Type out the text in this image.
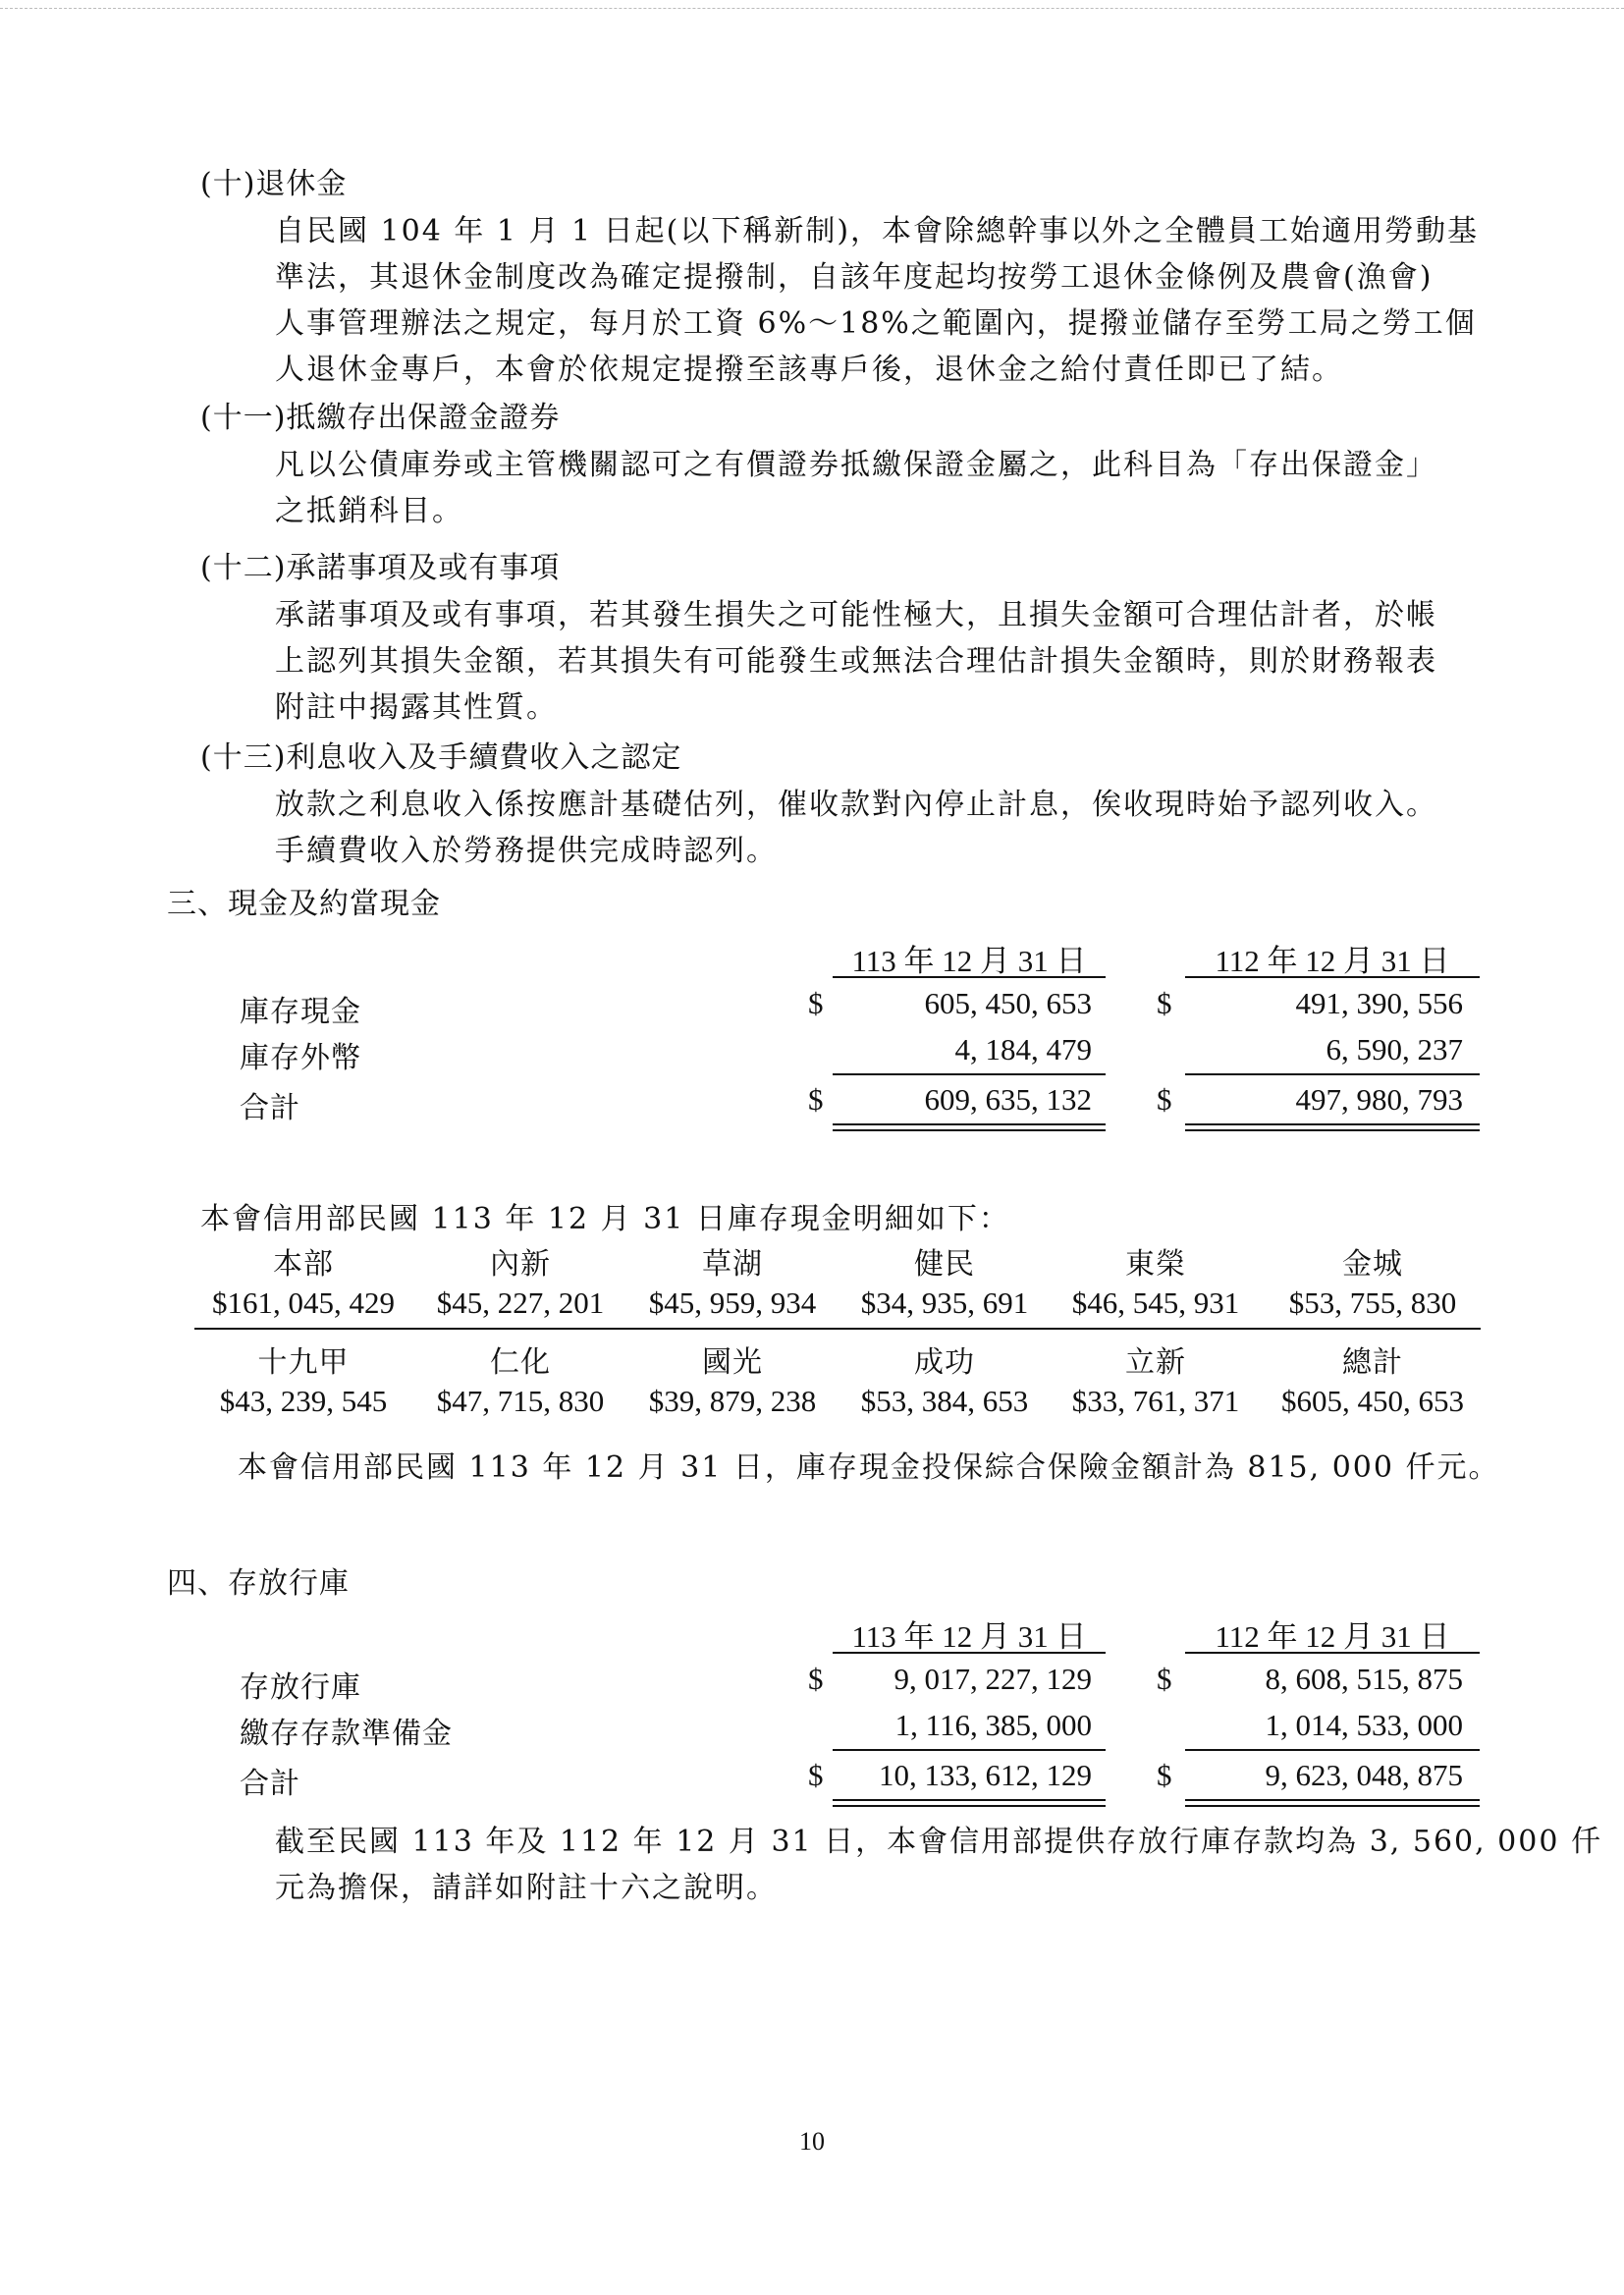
(十)退休金
自民國 104 年 1 月 1 日起(以下稱新制)，本會除總幹事以外之全體員工始適用勞動基
準法，其退休金制度改為確定提撥制，自該年度起均按勞工退休金條例及農會(漁會)
人事管理辦法之規定，每月於工資 6%～18%之範圍內，提撥並儲存至勞工局之勞工個
人退休金專戶，本會於依規定提撥至該專戶後，退休金之給付責任即已了結。
(十一)抵繳存出保證金證券
凡以公債庫券或主管機關認可之有價證券抵繳保證金屬之，此科目為「存出保證金」
之抵銷科目。
(十二)承諾事項及或有事項
承諾事項及或有事項，若其發生損失之可能性極大，且損失金額可合理估計者，於帳
上認列其損失金額，若其損失有可能發生或無法合理估計損失金額時，則於財務報表
附註中揭露其性質。
(十三)利息收入及手續費收入之認定
放款之利息收入係按應計基礎估列，催收款對內停止計息，俟收現時始予認列收入。
手續費收入於勞務提供完成時認列。
三、現金及約當現金
113 年 12 月 31 日	112 年 12 月 31 日
庫存現金	$	605, 450, 653 $	491, 390, 556
庫存外幣	4, 184, 479	6, 590, 237
合計	$	609, 635, 132 $	497, 980, 793
本會信用部民國 113 年 12 月 31 日庫存現金明細如下：
本部	內新	草湖	健民	東榮	金城
$161, 045, 429	$45, 227, 201	$45, 959, 934	$34, 935, 691	$46, 545, 931	$53, 755, 830
十九甲	仁化	國光	成功	立新	總計
$43, 239, 545	$47, 715, 830	$39, 879, 238	$53, 384, 653	$33, 761, 371	$605, 450, 653
本會信用部民國 113 年 12 月 31 日，庫存現金投保綜合保險金額計為 815, 000 仟元。
四、存放行庫
113 年 12 月 31 日	112 年 12 月 31 日
存放行庫	$	9, 017, 227, 129 $	8, 608, 515, 875
繳存存款準備金	1, 116, 385, 000	1, 014, 533, 000
合計	$	10, 133, 612, 129 $	9, 623, 048, 875
截至民國 113 年及 112 年 12 月 31 日，本會信用部提供存放行庫存款均為 3, 560, 000 仟
元為擔保，請詳如附註十六之說明。
10
